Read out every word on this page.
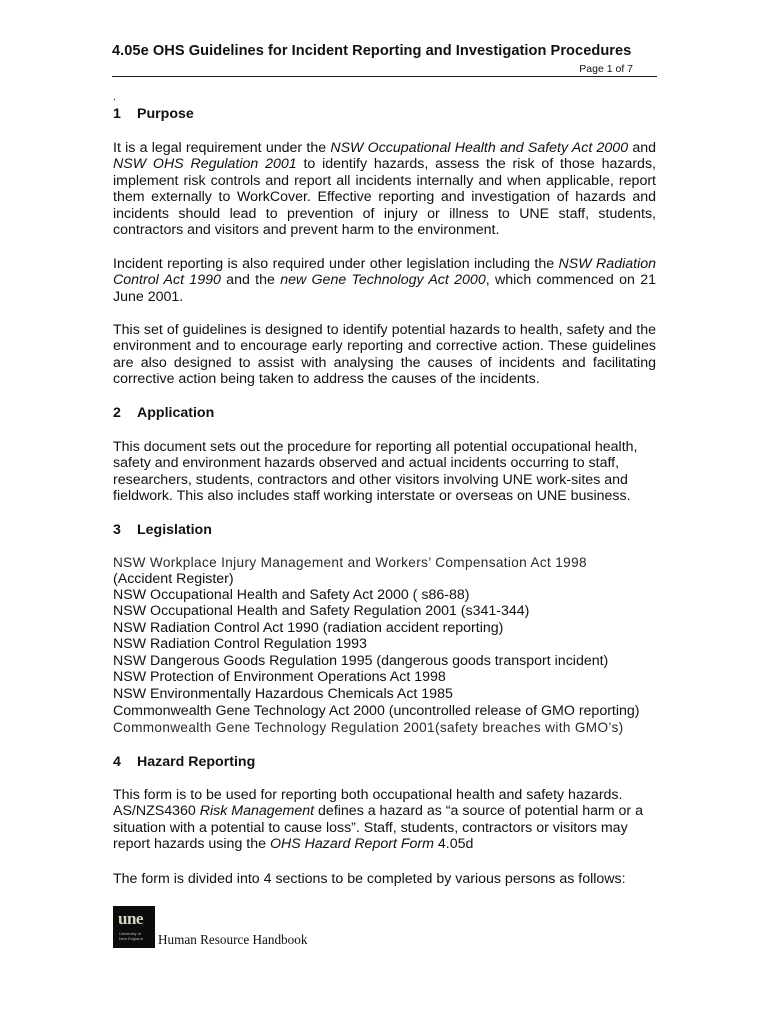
4.05e OHS Guidelines for Incident Reporting and Investigation Procedures
Page 1 of 7
.
1 Purpose
It is a legal requirement under the NSW Occupational Health and Safety Act 2000 and NSW OHS Regulation 2001 to identify hazards, assess the risk of those hazards, implement risk controls and report all incidents internally and when applicable, report them externally to WorkCover. Effective reporting and investigation of hazards and incidents should lead to prevention of injury or illness to UNE staff, students, contractors and visitors and prevent harm to the environment.
Incident reporting is also required under other legislation including the NSW Radiation Control Act 1990 and the new Gene Technology Act 2000, which commenced on 21 June 2001.
This set of guidelines is designed to identify potential hazards to health, safety and the environment and to encourage early reporting and corrective action. These guidelines are also designed to assist with analysing the causes of incidents and facilitating corrective action being taken to address the causes of the incidents.
2 Application
This document sets out the procedure for reporting all potential occupational health, safety and environment hazards observed and actual incidents occurring to staff, researchers, students, contractors and other visitors involving UNE work-sites and fieldwork. This also includes staff working interstate or overseas on UNE business.
3 Legislation
NSW Workplace Injury Management and Workers’ Compensation Act 1998
(Accident Register)
NSW Occupational Health and Safety Act 2000 ( s86-88)
NSW Occupational Health and Safety Regulation 2001 (s341-344)
NSW Radiation Control Act 1990 (radiation accident reporting)
NSW Radiation Control Regulation 1993
NSW Dangerous Goods Regulation 1995 (dangerous goods transport incident)
NSW Protection of Environment Operations Act 1998
NSW Environmentally Hazardous Chemicals Act 1985
Commonwealth Gene Technology Act 2000 (uncontrolled release of GMO reporting)
Commonwealth Gene Technology Regulation 2001(safety breaches with GMO’s)
4 Hazard Reporting
This form is to be used for reporting both occupational health and safety hazards. AS/NZS4360 Risk Management defines a hazard as “a source of potential harm or a situation with a potential to cause loss”. Staff, students, contractors or visitors may report hazards using the OHS Hazard Report Form 4.05d
The form is divided into 4 sections to be completed by various persons as follows:
une
University of
New England Human Resource Handbook
